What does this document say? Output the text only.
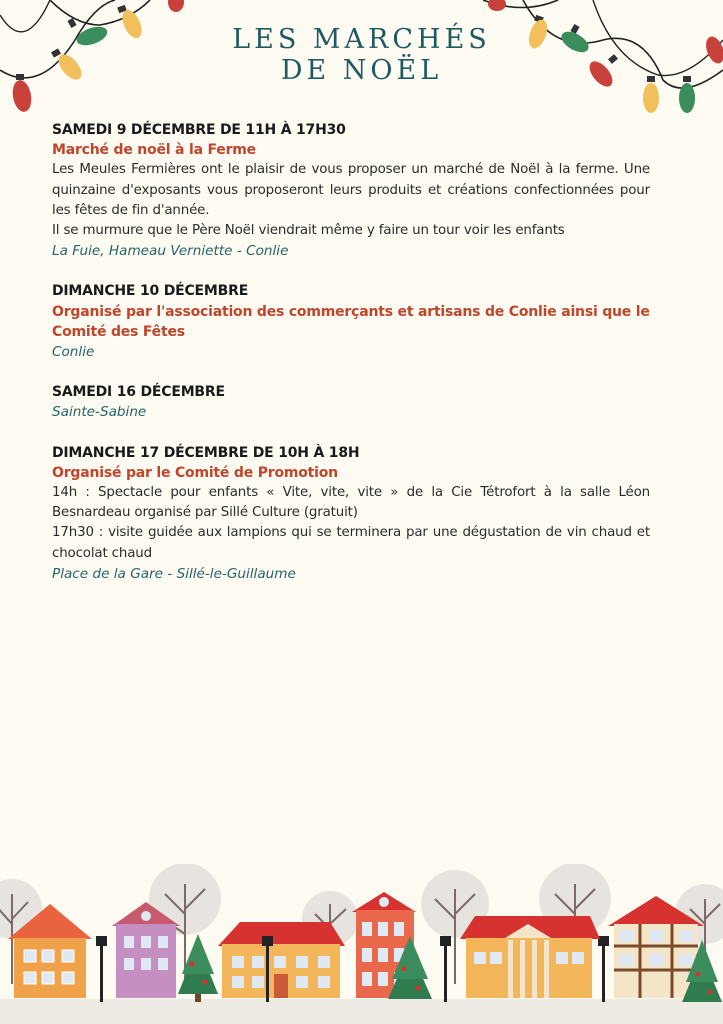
LES MARCHÉS
DE NOËL
SAMEDI 9 DÉCEMBRE DE 11H À 17H30
Marché de noël à la Ferme
Les Meules Fermières ont le plaisir de vous proposer un marché de Noël à la ferme. Une quinzaine d'exposants vous proposeront leurs produits et créations confectionnées pour les fêtes de fin d'année.
Il se murmure que le Père Noël viendrait même y faire un tour voir les enfants
La Fuie, Hameau Verniette - Conlie
DIMANCHE 10 DÉCEMBRE
Organisé par l'association des commerçants et artisans de Conlie ainsi que le Comité des Fêtes
Conlie
SAMEDI 16 DÉCEMBRE
Sainte-Sabine
DIMANCHE 17 DÉCEMBRE DE 10H À 18H
Organisé par le Comité de Promotion
14h : Spectacle pour enfants « Vite, vite, vite » de la Cie Tétrofort à la salle Léon Besnardeau organisé par Sillé Culture (gratuit)
17h30 : visite guidée aux lampions qui se terminera par une dégustation de vin chaud et chocolat chaud
Place de la Gare - Sillé-le-Guillaume
